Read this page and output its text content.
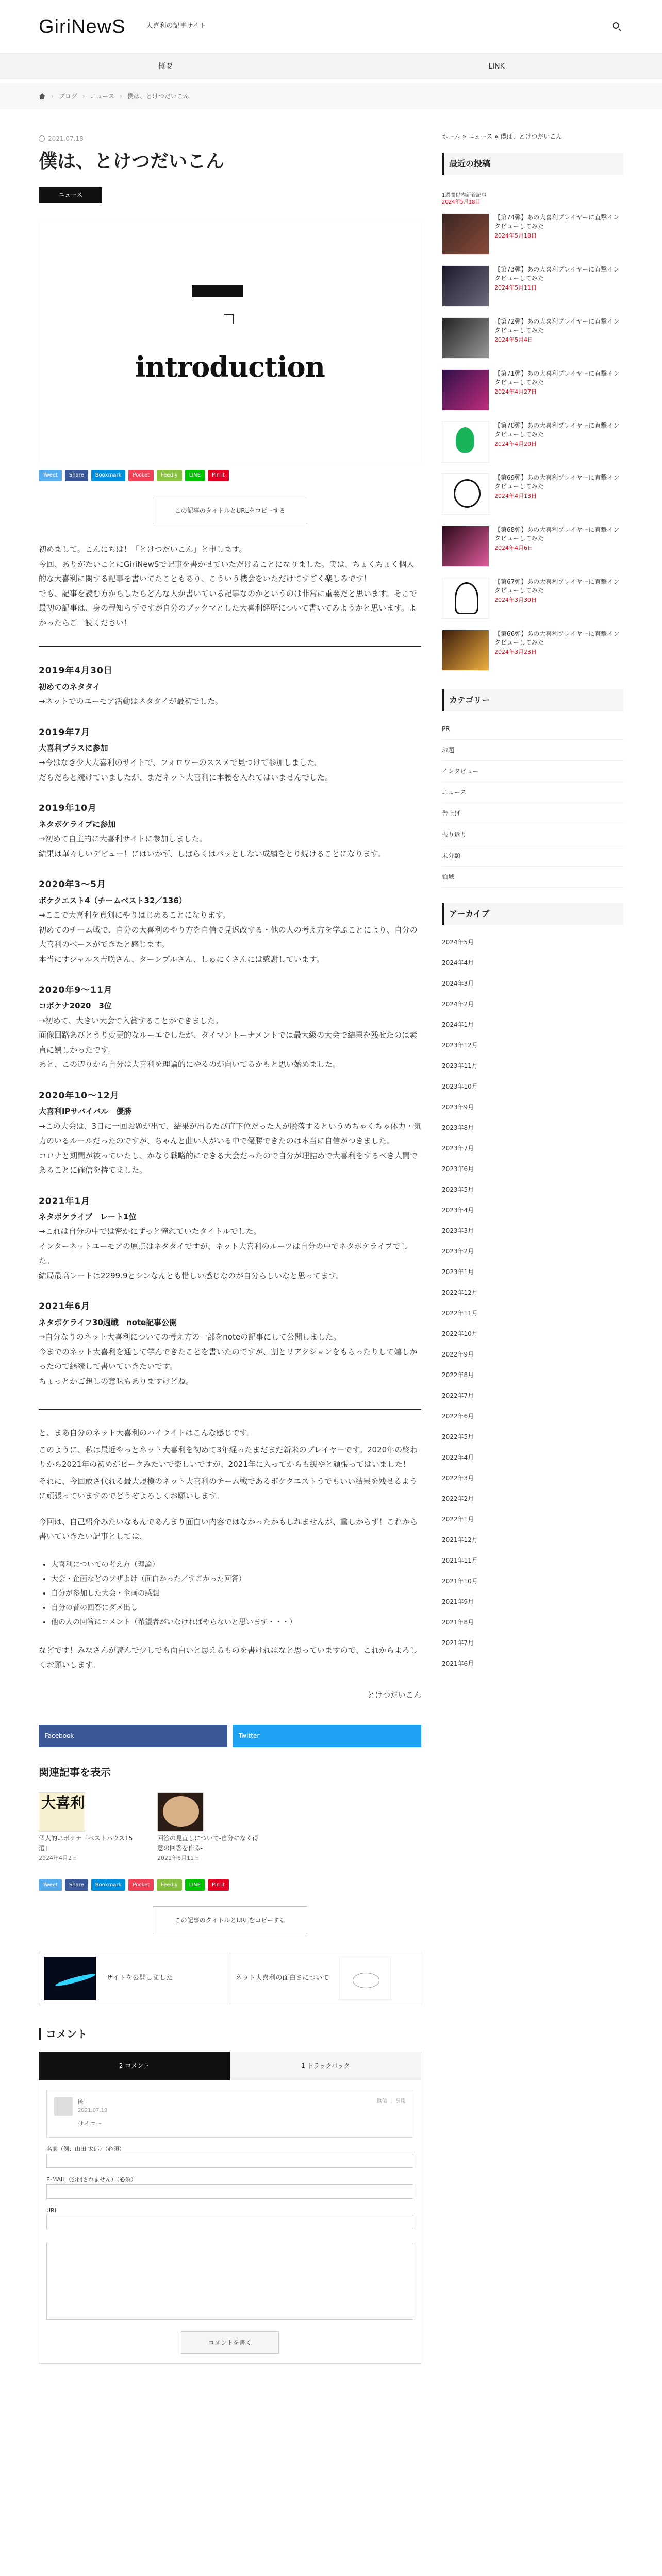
GiriNewS	大喜利の記事サイト
概要	LINK
› ブログ › ニュース › 僕は、とけつだいこん
2021.07.18
僕は、とけつだいこん
ニュース
introduction
Tweet	Share	Bookmark	Pocket	Feedly	LINE	Pin it
この記事のタイトルとURLをコピーする

初めまして。こんにちは！「とけつだいこん」と申します。

今回、ありがたいことにGiriNewSで記事を書かせていただけることになりました。実は、ちょくちょく個人的な大喜利に関する記事を書いてたこともあり、こういう機会をいただけてすごく楽しみです！

でも、記事を読む方からしたらどんな人が書いている記事なのかというのは非常に重要だと思います。そこで最初の記事は、身の程知らずですが自分のブックマとした大喜利経歴について書いてみようかと思います。よかったらご一読ください！

2019年4月30日
初めてのネタタイ

→ネットでのユーモア活動はネタタイが最初でした。

2019年7月
大喜利プラスに参加

→今はなき少大大喜利のサイトで、フォロワーのススメで見つけて参加しました。

だらだらと続けていましたが、まだネット大喜利に本腰を入れてはいませんでした。

2019年10月
ネタボケライブに参加

→初めて自主的に大喜利サイトに参加しました。

結果は華々しいデビュー！にはいかず、しばらくはパッとしない成績をとり続けることになります。

2020年3〜5月
ボケクエスト4（チームベスト32／136）

→ここで大喜利を真剣にやりはじめることになります。

初めてのチーム戦で、自分の大喜利のやり方を自信で見返改する・他の人の考え方を学ぶことにより、自分の大喜利のベースができたと感じます。

本当にすシャルス吉咲さん、ターンプルさん、しゅにくさんには感謝しています。

2020年9〜11月
コボケナ2020　3位

→初めて、大きい大会で入賞することができました。

面像回路あびとうり変更的なルーエでしたが、タイマントーナメントでは最大級の大会で結果を残せたのは素直に嬉しかったです。

あと、この辺りから自分は大喜利を理論的にやるのが向いてるかもと思い始めました。

2020年10〜12月
大喜利IPサバイバル　優勝

→この大会は、3日に一回お題が出て、結果が出るたび直下位だった人が脱落するというめちゃくちゃ体力・気力のいるルールだったのですが、ちゃんと曲い人がいる中で優勝できたのは本当に自信がつきました。

コロナと期間が被っていたし、かなり戦略的にできる大会だったので自分が理詰めで大喜利をするべき人間であることに確信を持てました。

2021年1月
ネタボケライブ　レート1位

→これは自分の中では密かにずっと憧れていたタイトルでした。

インターネットユーモアの原点はネタタイですが、ネット大喜利のルーツは自分の中でネタボケライブでした。

結局最高レートは2299.9とシンなんとも惜しい感じなのが自分らしいなと思ってます。

2021年6月
ネタボケライフ30週戦　note記事公開

→自分なりのネット大喜利についての考え方の一部をnoteの記事にして公開しました。

今までのネット大喜利を通して学んできたことを書いたのですが、割とリアクションをもらったりして嬉しかったので継続して書いていきたいです。

ちょっとかご想しの意味もありますけどね。

と、まあ自分のネット大喜利のハイライトはこんな感じです。

このように、私は最近やっとネット大喜利を初めて3年経ったまだまだ新米のプレイヤーです。2020年の終わりから2021年の初めがピークみたいで楽しいですが、2021年に入ってからも緩やと頑張ってはいました！

それに、今回敢さ代れる最大規模のネット大喜利のチーム戦であるボケクエストうでもいい結果を残せるように頑張っていますのでどうぞよろしくお願いします。

今回は、自己紹介みたいなもんであんまり面白い内容ではなかったかもしれませんが、重しからず！これから書いていきたい記事としては、

• 大喜利についての考え方（理論）
• 大会・企画などのソザよけ（面白かった／すごかった回答）
• 自分が参加した大会・企画の感想
• 自分の昔の回答にダメ出し
• 他の人の回答にコメント（希望者がいなければやらないと思います・・・）

などです！みなさんが読んで少しでも面白いと思えるものを書ければなと思っていますので、これからよろしくお願いします。

とけつだいこん
Facebook	Twitter
関連記事を表示
大喜利
個人的ユボケナ「ベストパウス15選」
2024年4月2日
回答の見直しについて-自分になく得意の回答を作る-
2021年6月11日
Tweet	Share	Bookmark	Pocket	Feedly	LINE	Pin it
この記事のタイトルとURLをコピーする
サイトを公開しました	ネット大喜利の面白さについて
コメント
2 コメント	1 トラックバック
匿
2021.07.19
返信 ｜ 引用
サイコー
名前（例：山田 太郎）（必須）
E-MAIL（公開されません）（必須）
URL
コメントを書く
ホーム » ニュース » 僕は、とけつだいこん
最近の投稿
1週間以内新着記事
2024年5月18日
【第74弾】あの大喜利プレイヤーに直撃インタビューしてみた
2024年5月18日
【第73弾】あの大喜利プレイヤーに直撃インタビューしてみた
2024年5月11日
【第72弾】あの大喜利プレイヤーに直撃インタビューしてみた
2024年5月4日
【第71弾】あの大喜利プレイヤーに直撃インタビューしてみた
2024年4月27日
【第70弾】あの大喜利プレイヤーに直撃インタビューしてみた
2024年4月20日
【第69弾】あの大喜利プレイヤーに直撃インタビューしてみた
2024年4月13日
【第68弾】あの大喜利プレイヤーに直撃インタビューしてみた
2024年4月6日
【第67弾】あの大喜利プレイヤーに直撃インタビューしてみた
2024年3月30日
【第66弾】あの大喜利プレイヤーに直撃インタビューしてみた
2024年3月23日
カテゴリー
PR
お題
インタビュー
ニュース
告上げ
振り返り
未分類
領域
アーカイブ
2024年5月
2024年4月
2024年3月
2024年2月
2024年1月
2023年12月
2023年11月
2023年10月
2023年9月
2023年8月
2023年7月
2023年6月
2023年5月
2023年4月
2023年3月
2023年2月
2023年1月
2022年12月
2022年11月
2022年10月
2022年9月
2022年8月
2022年7月
2022年6月
2022年5月
2022年4月
2022年3月
2022年2月
2022年1月
2021年12月
2021年11月
2021年10月
2021年9月
2021年8月
2021年7月
2021年6月
